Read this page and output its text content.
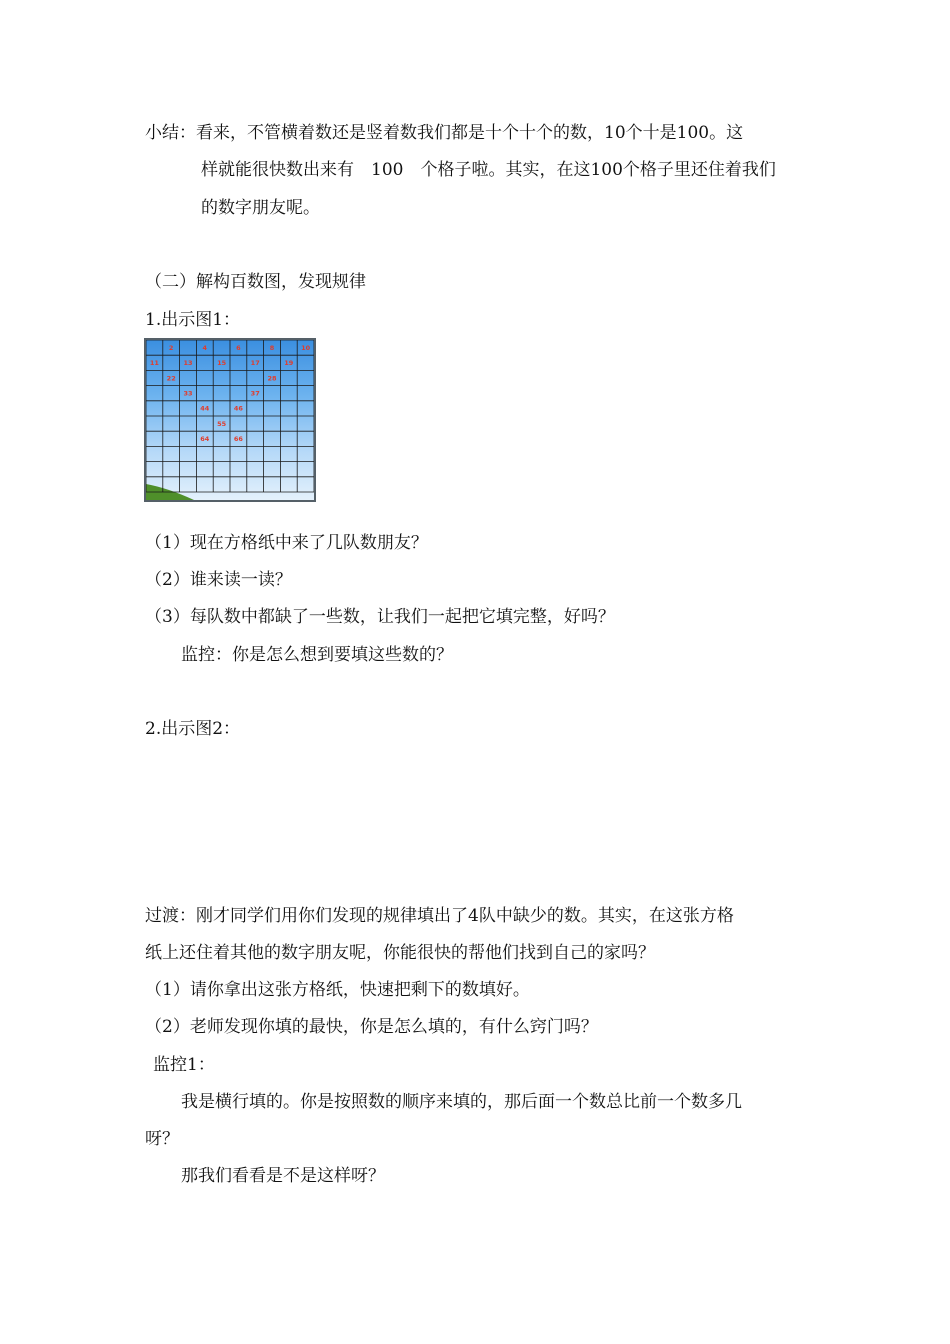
小结：看来，不管横着数还是竖着数我们都是十个十个的数，10个十是100。这
样就能很快数出来有　100　个格子啦。其实，在这100个格子里还住着我们
的数字朋友呢。
（二）解构百数图，发现规律
1.出示图1：
2	4	6	8	10
11	13	15	17	19
22	28
33	37
44	46
55
64	66
（1）现在方格纸中来了几队数朋友？
（2）谁来读一读？
（3）每队数中都缺了一些数，让我们一起把它填完整，好吗？
监控：你是怎么想到要填这些数的？
2.出示图2：
过渡：刚才同学们用你们发现的规律填出了4队中缺少的数。其实，在这张方格
纸上还住着其他的数字朋友呢，你能很快的帮他们找到自己的家吗？
（1）请你拿出这张方格纸，快速把剩下的数填好。
（2）老师发现你填的最快，你是怎么填的，有什么窍门吗？
监控1：
我是横行填的。你是按照数的顺序来填的，那后面一个数总比前一个数多几
呀？
那我们看看是不是这样呀？
